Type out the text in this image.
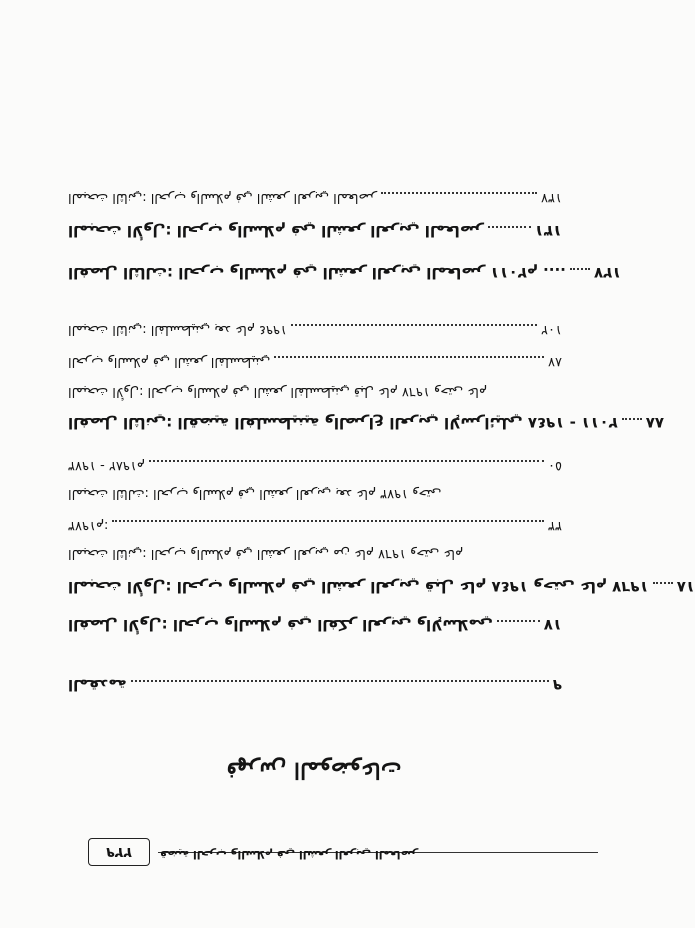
٢٢٩	قضية الحرب والسلام في الشعر العربي المعاصر
فهرس الموضوعات
المقدمة	٩
الفصل الأول: الحرب والسلام في الفكر العربي والإسلامي	١٧
المبحث الأول: الحرب والسلام في الشعر العربي قبل عام ١٩٤٨ وحتى عام ١٩٦٧	١٨
المبحث الثاني: الحرب والسلام في الشعر العربي من عام ١٩٦٧ وحتى عام
١٩٧٣م:	٣٣
المبحث الثالث: الحرب والسلام في الشعر العربي بعد عام ١٩٧٣ وحتى
١٩٧٣ - ١٩٨٢م	٥٠
الفصل الثاني: القضية الفلسطينية والصراع العربي الإسرائيلي ١٩٤٨ - ٢٠١١	٨٨
المبحث الأول: الحرب والسلام في الشعر الفلسطيني قبل عام ١٩٦٧ وحتى عام
الحرب والسلام في الشعر الفلسطيني	٨٧
المبحث الثاني: الفلسطيني بعد عام ١٩٩٤	١٠٢
الفصل الثالث: الحرب والسلام في الشعر العربي المعاصر ٢٠١١م ....	١٢٧
المبحث الأول: الحرب والسلام في الشعر العربي المعاصر	١٣١
المبحث الثاني: الحرب والسلام في الشعر العربي المعاصر	١٣٧
